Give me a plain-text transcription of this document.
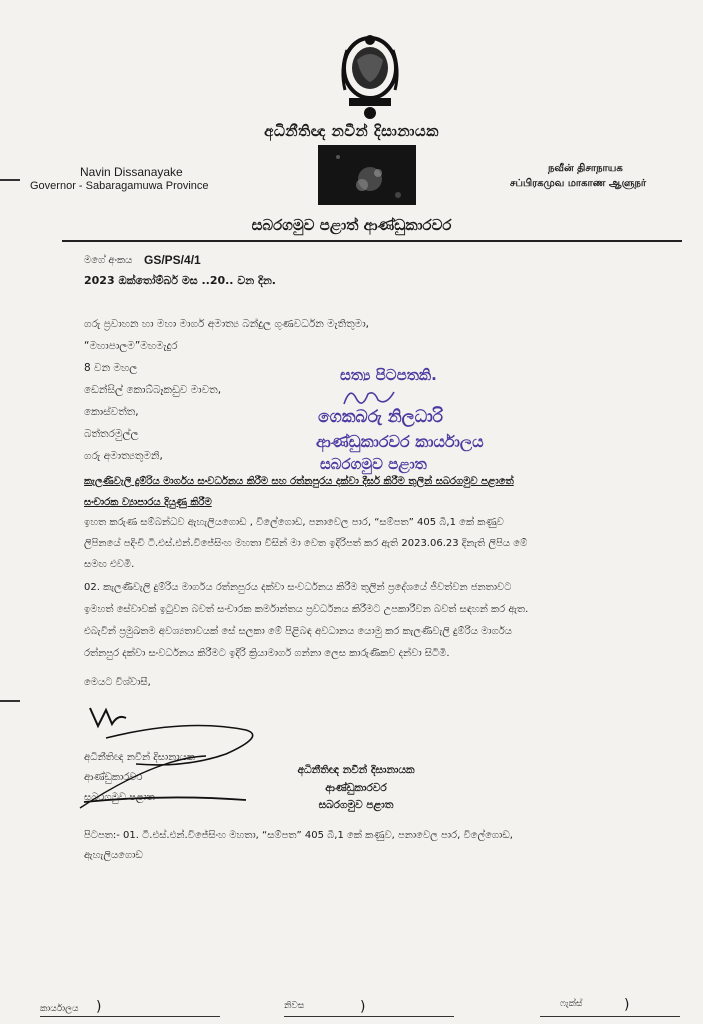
අධිනීතිඥ නවීන් දිසානායක
Navin Dissanayake
Governor - Sabaragamuwa Province
நவீன் திசாநாயக
சப்பிரகமுவ மாகாண ஆளுநர்
සබරගමුව පළාත් ආණ්ඩුකාරවර
මගේ අංකය GS/PS/4/1
2023 ඔක්තෝම්බර් මස ..20.. වන දින.
ගරු ප්‍රවාහන හා මහා මාර්ග අමාත්‍ය බන්දුල ගුණවර්ධන මැතිතුමා,
“මහාපාලම”මහමැදුර
8 වන මහල
ඩෙන්සිල් කොබ්බෑකඩුව මාවත,
කොස්වත්ත,
බත්තරමුල්ල
ගරු අමාත්‍යතුමනි,
සත්‍ය පිටපතකි.
ගෙකබරු නිලධාරි
ආණ්ඩුකාරවර කාර්යාලය
සබරගමුව පළාත
කැලණිවැලි දුම්රිය මාර්ගය සංවර්ධනය කිරීම සහ රත්නපුරය දක්වා දීර්ඝ කිරීම තුලින් සබරගමුව පළාතේ
සංචාරක ව්‍යාපාරය දියුණු කිරීම
ඉහත කරුණ සම්බන්ධව ඇහැලියගොඩ , විලේගොඩ, පනාවෙල පාර, “සම්පත” 405 බී,1 කේ කණුව
ලිපිනයේ පදිංචි ටී.එස්.එන්.විජේසිංහ මහතා විසින් මා වෙත ඉදිරිපත් කර ඇති 2023.06.23 දිනැති ලිපිය මේ
සමඟ එවමි.
02. කැලණිවැලි දුම්රිය මාර්ගය රත්නපුරය දක්වා සංවර්ධනය කිරීම තුලින් ප්‍රදේශයේ ජීවත්වන ජනතාවට
ඉමහත් සේවාවක් ඉටුවන බවත් සංචාරක කර්මාන්තය ප්‍රවර්ධනය කිරීමට උපකාරීවන බවත් සඳහන් කර ඇත.
එබැවින් ප්‍රමුඛතම අවශ්‍යතාවයක් සේ සලකා මේ පිළිබඳ අවධානය යොමු කර කැලණිවැලි දුම්රිය මාර්ගය
රත්නපුර දක්වා සංවර්ධනය කිරීමට ඉදිරි ක්‍රියාමාර්ග ගන්නා ලෙස කාරුණිකව දන්වා සිටිමි.
මෙයට විශ්වාසී,
අධිනීතිඥ නවීන් දිසානායක
ආණ්ඩුකාරවර
සබරගමුව පළාත
අධිනීතිඥ නවීන් දිසානායක
ආණ්ඩුකාරවර
සබරගමුව පළාත
පිටපත:- 01. ටී.එස්.එන්.විජේසිංහ මහතා, “සම්පත” 405 බී,1 කේ කණුව, පනාවෙල පාර, විලේගොඩ,
ඇහැලියගොඩ
කාර්යාලය )	නිවස	)	ෆැක්ස්	)
